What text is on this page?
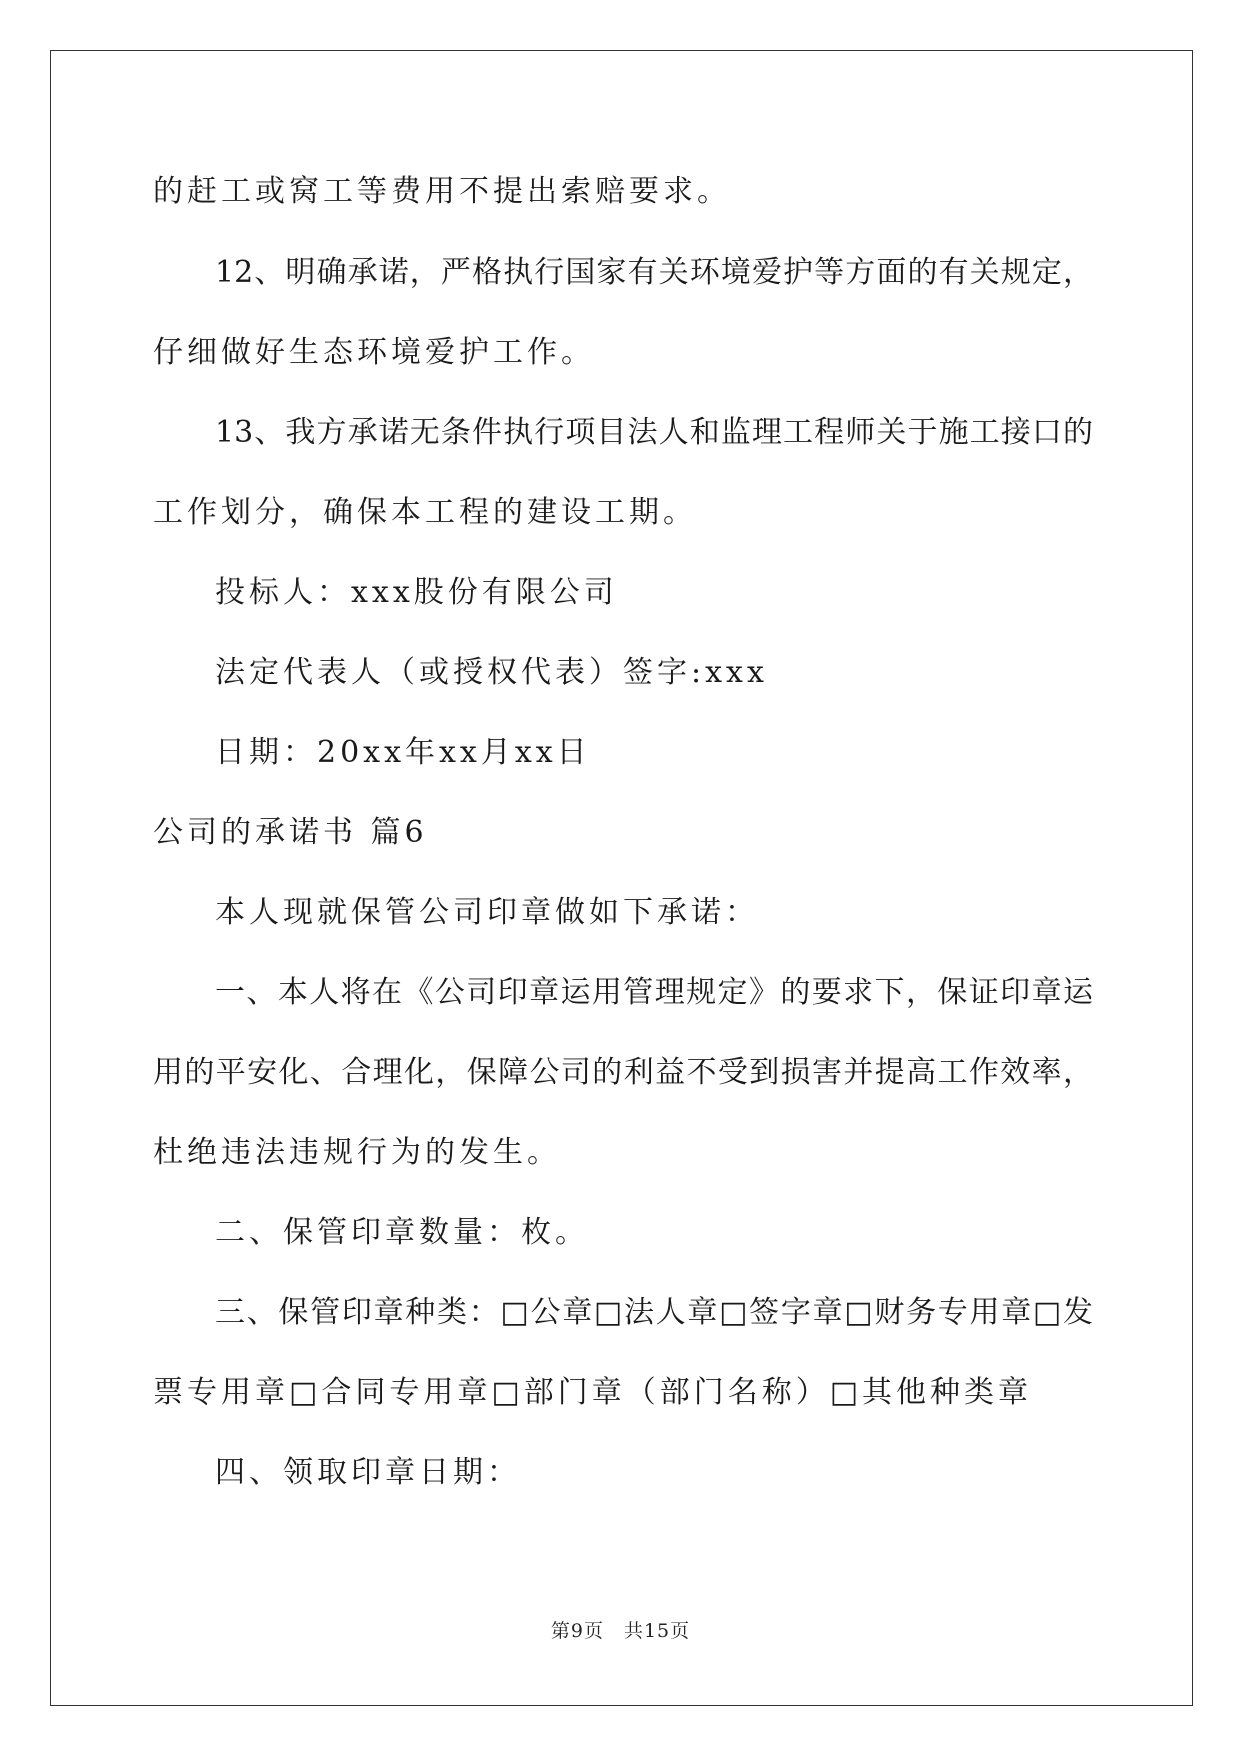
的赶工或窝工等费用不提出索赔要求。
12、明确承诺，严格执行国家有关环境爱护等方面的有关规定，
仔细做好生态环境爱护工作。
13、我方承诺无条件执行项目法人和监理工程师关于施工接口的
工作划分，确保本工程的建设工期。
投标人：xxx股份有限公司
法定代表人（或授权代表）签字:xxx
日期：20xx年xx月xx日
公司的承诺书 篇6
本人现就保管公司印章做如下承诺：
一、本人将在《公司印章运用管理规定》的要求下，保证印章运
用的平安化、合理化，保障公司的利益不受到损害并提高工作效率，
杜绝违法违规行为的发生。
二、保管印章数量：枚。
三、保管印章种类：□公章□法人章□签字章□财务专用章□发
票专用章□合同专用章□部门章（部门名称）□其他种类章
四、领取印章日期：
第9页　共15页
